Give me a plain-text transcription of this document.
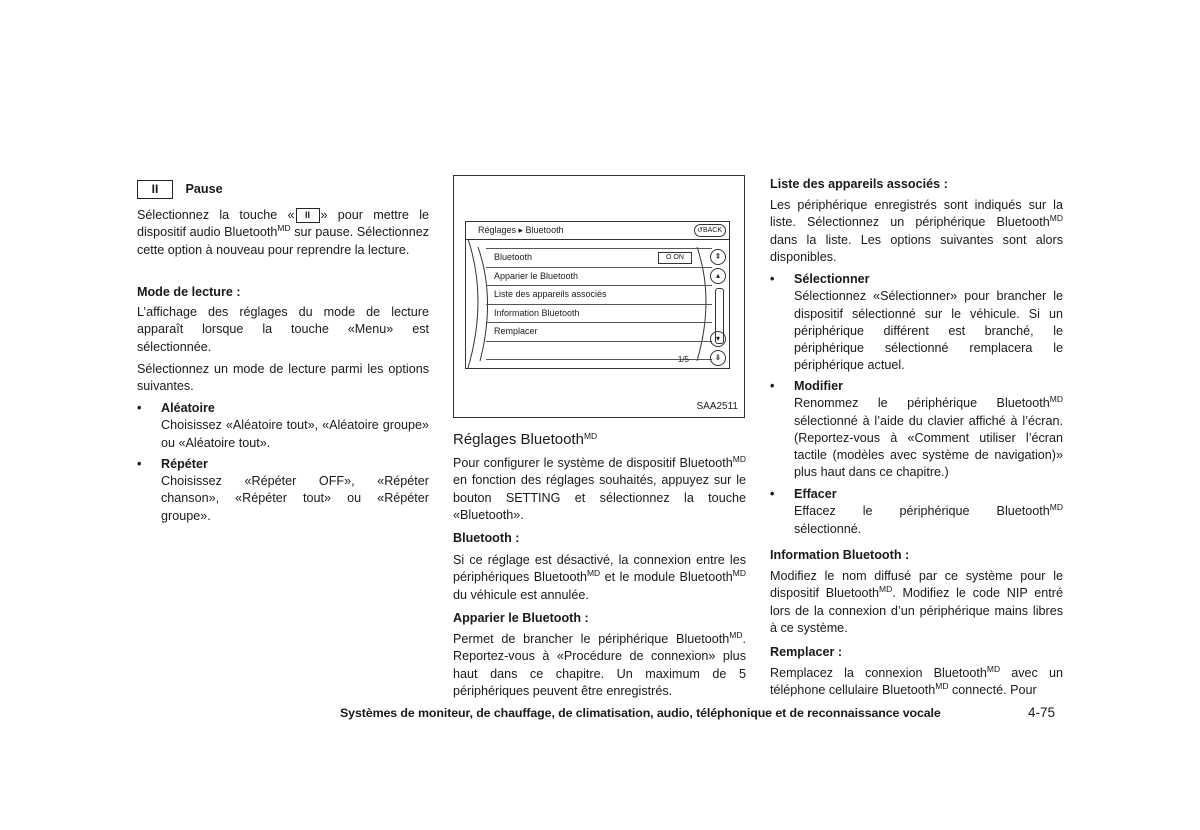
II Pause

Sélectionnez la touche « II » pour mettre le dispositif audio Bluetooth$^{MD}$ sur pause. Sélectionnez cette option à nouveau pour reprendre la lecture.

Mode de lecture :

L’affichage des réglages du mode de lecture apparaît lorsque la touche «Menu» est sélectionnée.

Sélectionnez un mode de lecture parmi les options suivantes.

• Aléatoire

Choisissez «Aléatoire tout», «Aléatoire groupe» ou «Aléatoire tout».

• Répéter

Choisissez «Répéter OFF», «Répéter chanson», «Répéter tout» ou «Répéter groupe».

Réglages ▸ Bluetooth	↺BACK
Bluetooth	O ON
Apparier le Bluetooth
Liste des appareils associés
Information Bluetooth
Remplacer
⇞
▴
▾
⇟
1/5
SAA2511
Réglages Bluetooth$^{MD}$

Pour configurer le système de dispositif Bluetooth$^{MD}$ en fonction des réglages souhaités, appuyez sur le bouton SETTING et sélectionnez la touche «Bluetooth».

Bluetooth :

Si ce réglage est désactivé, la connexion entre les périphériques Bluetooth$^{MD}$ et le module Bluetooth$^{MD}$ du véhicule est annulée.

Apparier le Bluetooth :

Permet de brancher le périphérique Bluetooth$^{MD}$. Reportez-vous à «Procédure de connexion» plus haut dans ce chapitre. Un maximum de 5 périphériques peuvent être enregistrés.

Liste des appareils associés :

Les périphérique enregistrés sont indiqués sur la liste. Sélectionnez un périphérique Bluetooth$^{MD}$ dans la liste. Les options suivantes sont alors disponibles.

• Sélectionner

Sélectionnez «Sélectionner» pour brancher le dispositif sélectionné sur le véhicule. Si un périphérique différent est branché, le périphérique sélectionné remplacera le périphérique actuel.

• Modifier

Renommez le périphérique Bluetooth$^{MD}$ sélectionné à l’aide du clavier affiché à l’écran. (Reportez-vous à «Comment utiliser l’écran tactile (modèles avec système de navigation)» plus haut dans ce chapitre.)

• Effacer

Effacez le périphérique Bluetooth$^{MD}$ sélectionné.

Information Bluetooth :

Modifiez le nom diffusé par ce système pour le dispositif Bluetooth$^{MD}$. Modifiez le code NIP entré lors de la connexion d’un périphérique mains libres à ce système.

Remplacer :

Remplacez la connexion Bluetooth$^{MD}$ avec un téléphone cellulaire Bluetooth$^{MD}$ connecté. Pour

Systèmes de moniteur, de chauffage, de climatisation, audio, téléphonique et de reconnaissance vocale	4-75
